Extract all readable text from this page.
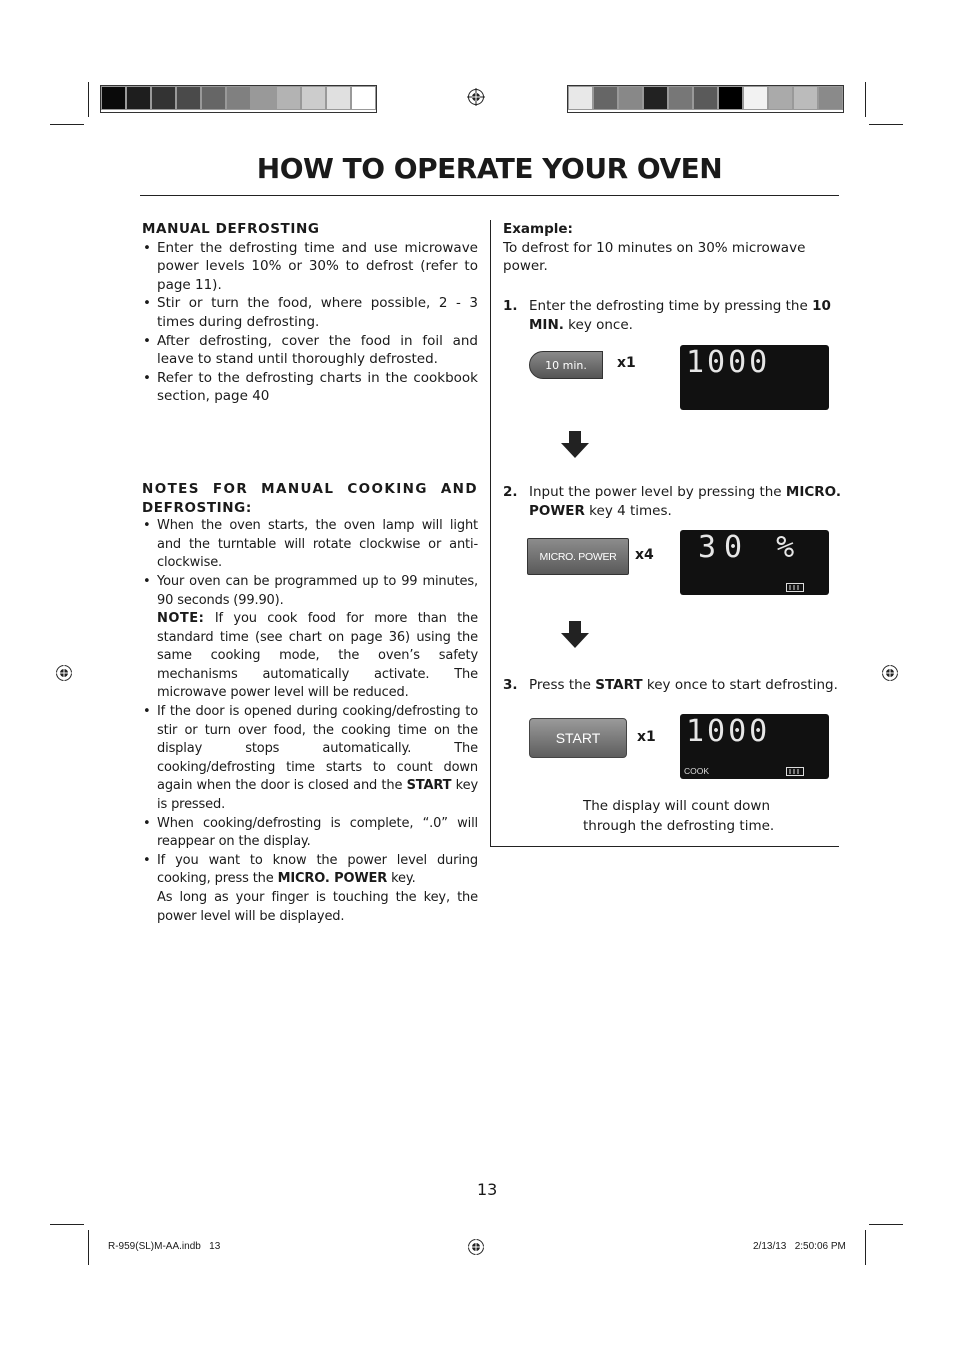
HOW TO OPERATE YOUR OVEN
MANUAL DEFROSTING
• Enter the defrosting time and use microwave power levels 10% or 30% to defrost (refer to page 11).
• Stir or turn the food, where possible, 2 - 3 times during defrosting.
• After defrosting, cover the food in foil and leave to stand until thoroughly defrosted.
• Refer to the defrosting charts in the cookbook section, page 40
NOTES FOR MANUAL COOKING AND
DEFROSTING:
• When the oven starts, the oven lamp will light and the turntable will rotate clockwise or anti-clockwise.
• Your oven can be programmed up to 99 minutes, 90 seconds (99.90).
NOTE: If you cook food for more than the standard time (see chart on page 36) using the same cooking mode, the oven’s safety mechanisms automatically activate. The microwave power level will be reduced.
• If the door is opened during cooking/defrosting to stir or turn over food, the cooking time on the display stops automatically. The cooking/defrosting time starts to count down again when the door is closed and the START key is pressed.
• When cooking/defrosting is complete, “.0” will reappear on the display.
• If you want to know the power level during cooking, press the MICRO. POWER key.
As long as your finger is touching the key, the power level will be displayed.
Example:
To defrost for 10 minutes on 30% microwave power.
1. Enter the defrosting time by pressing the 10 MIN. key once.
10 min. x1 1000
2. Input the power level by pressing the MICRO. POWER key 4 times.
MICRO. POWER x4 30 %
3. Press the START key once to start defrosting.
START	x1 1000
COOK
The display will count down
through the defrosting time.
13
R-959(SL)M-AA.indb   13	2/13/13   2:50:06 PM
